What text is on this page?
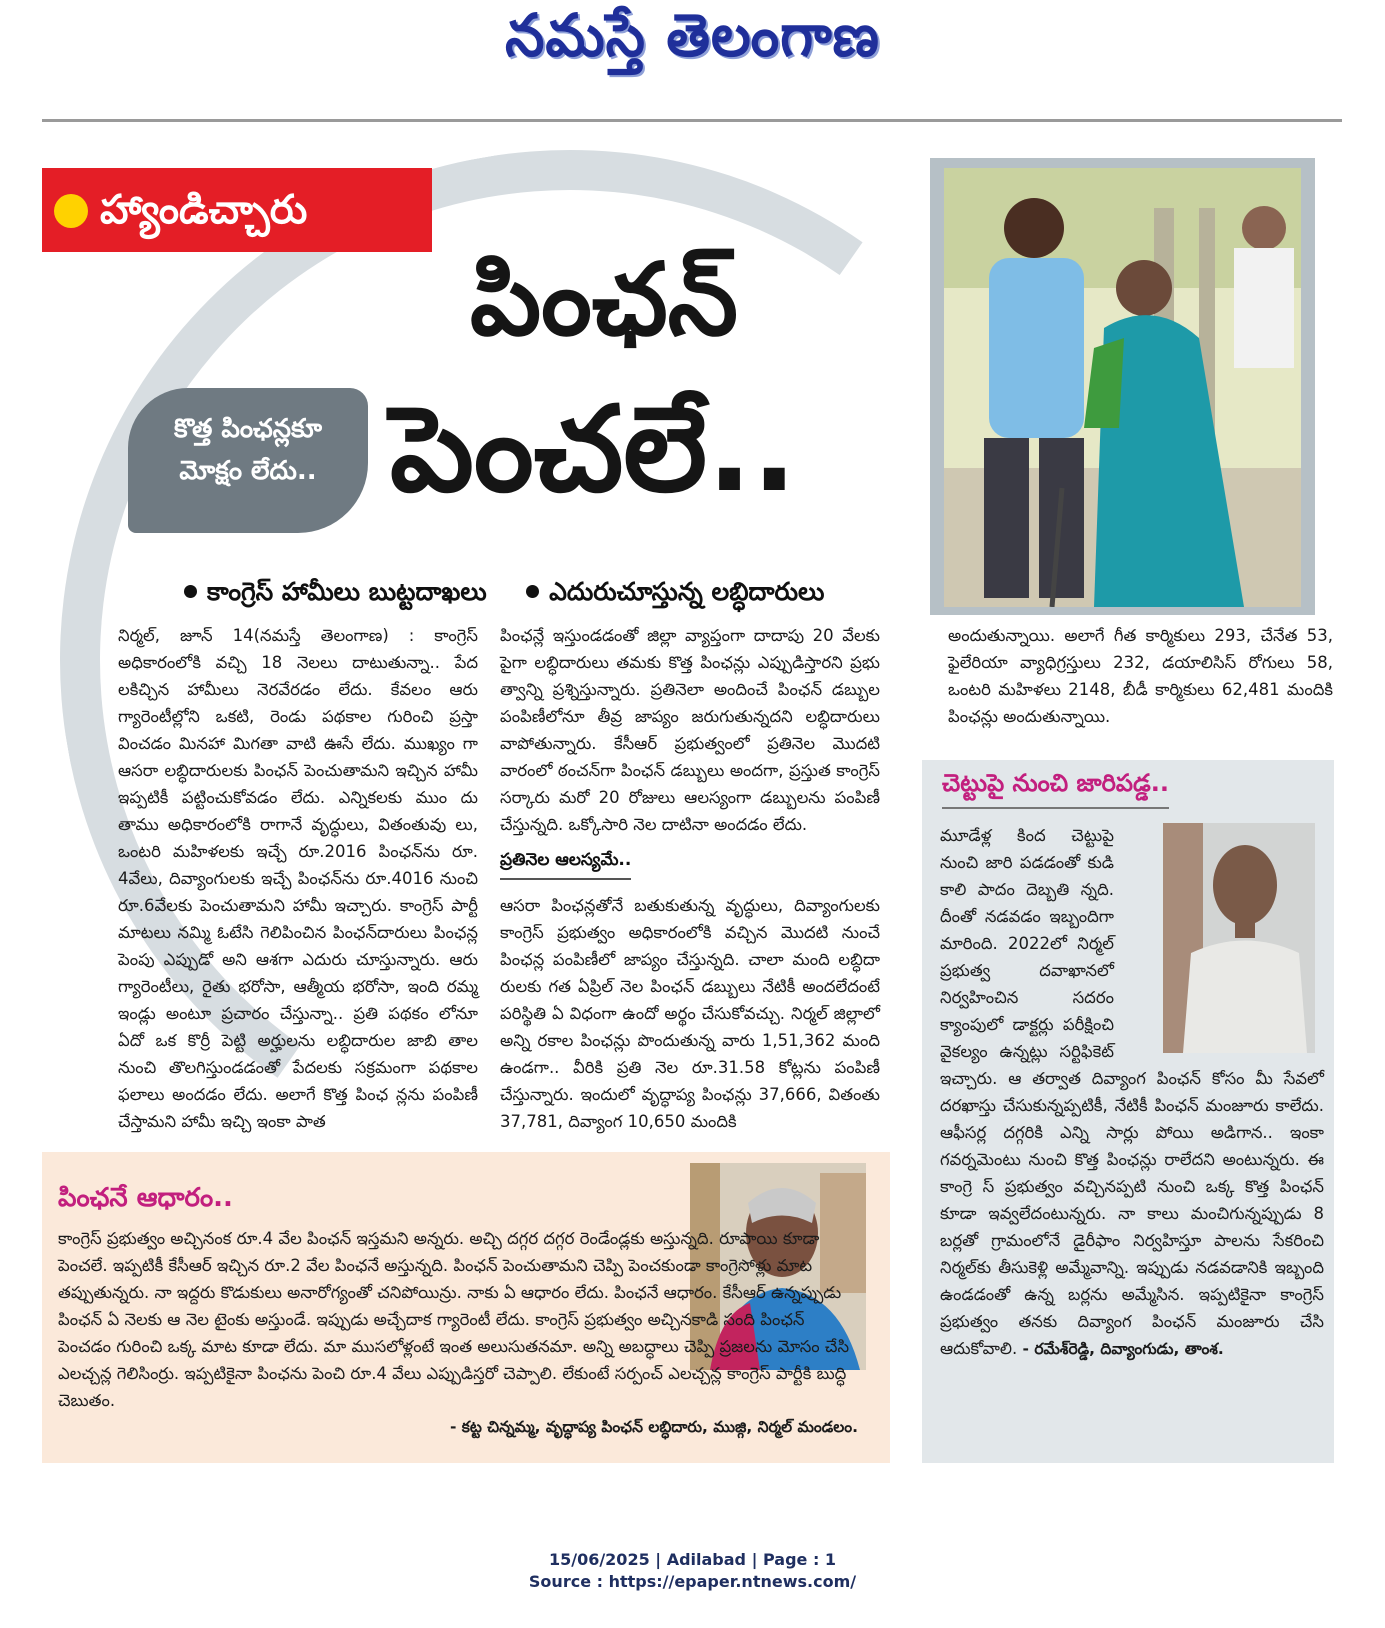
నమస్తే తెలంగాణ
హ్యాండిచ్చారు
పింఛన్
పెంచలే..
కొత్త పింఛన్లకూ
మోక్షం లేదు..
కాంగ్రెస్ హామీలు బుట్టదాఖలు ఎదురుచూస్తున్న లబ్ధిదారులు

నిర్మల్, జూన్ 14(నమస్తే తెలంగాణ) : కాంగ్రెస్ అధికారంలోకి వచ్చి 18 నెలలు దాటుతున్నా.. పేద లకిచ్చిన హామీలు నెరవేరడం లేదు. కేవలం ఆరు గ్యారెంటీల్లోని ఒకటి, రెండు పథకాల గురించి ప్రస్తా వించడం మినహా మిగతా వాటి ఊసే లేదు. ముఖ్యం గా ఆసరా లబ్ధిదారులకు పింఛన్ పెంచుతామని ఇచ్చిన హామీ ఇప్పటికీ పట్టించుకోవడం లేదు. ఎన్నికలకు ముం దు తాము అధికారంలోకి రాగానే వృద్ధులు, వితంతువు లు, ఒంటరి మహిళలకు ఇచ్చే రూ.2016 పింఛన్‌ను రూ. 4వేలు, దివ్యాంగులకు ఇచ్చే పింఛన్‌ను రూ.4016 నుంచి రూ.6వేలకు పెంచుతామని హామీ ఇచ్చారు. కాంగ్రెస్ పార్టీ మాటలు నమ్మి ఓటేసి గెలిపించిన పింఛన్‌దారులు పింఛన్ల పెంపు ఎప్పుడో అని ఆశగా ఎదురు చూస్తున్నారు. ఆరు గ్యారెంటీలు, రైతు భరోసా, ఆత్మీయ భరోసా, ఇంది రమ్మ ఇండ్లు అంటూ ప్రచారం చేస్తున్నా.. ప్రతి పథకం లోనూ ఏదో ఒక కొర్రీ పెట్టి అర్హులను లబ్ధిదారుల జాబి తాల నుంచి తొలగిస్తుండడంతో పేదలకు సక్రమంగా పథకాల ఫలాలు అందడం లేదు. అలాగే కొత్త పింఛ న్లను పంపిణీ చేస్తామని హామీ ఇచ్చి ఇంకా పాత

పింఛన్లే ఇస్తుండడంతో జిల్లా వ్యాప్తంగా దాదాపు 20 వేలకు పైగా లబ్ధిదారులు తమకు కొత్త పింఛన్లు ఎప్పుడిస్తారని ప్రభు త్వాన్ని ప్రశ్నిస్తున్నారు. ప్రతినెలా అందించే పింఛన్ డబ్బుల పంపిణీలోనూ తీవ్ర జాప్యం జరుగుతున్నదని లబ్ధిదారులు వాపోతున్నారు. కేసీఆర్ ప్రభుత్వంలో ప్రతినెల మొదటి వారంలో ఠంచన్‌గా పింఛన్ డబ్బులు అందగా, ప్రస్తుత కాంగ్రెస్ సర్కారు మరో 20 రోజులు ఆలస్యంగా డబ్బులను పంపిణీ చేస్తున్నది. ఒక్కోసారి నెల దాటినా అందడం లేదు.

ప్రతినెల ఆలస్యమే..

ఆసరా పింఛన్లతోనే బతుకుతున్న వృద్ధులు, దివ్యాంగులకు కాంగ్రెస్ ప్రభుత్వం అధికారంలోకి వచ్చిన మొదటి నుంచే పింఛన్ల పంపిణీలో జాప్యం చేస్తున్నది. చాలా మంది లబ్ధిదా రులకు గత ఏప్రిల్ నెల పింఛన్ డబ్బులు నేటికీ అందలేదంటే పరిస్థితి ఏ విధంగా ఉందో అర్థం చేసుకోవచ్చు. నిర్మల్ జిల్లాలో అన్ని రకాల పింఛన్లు పొందుతున్న వారు 1,51,362 మంది ఉండగా.. వీరికి ప్రతి నెల రూ.31.58 కోట్లను పంపిణీ చేస్తున్నారు. ఇందులో వృద్ధాప్య పింఛన్లు 37,666, వితంతు 37,781, దివ్యాంగ 10,650 మందికి

అందుతున్నాయి. అలాగే గీత కార్మికులు 293, చేనేత 53, ఫైలేరియా వ్యాధిగ్రస్తులు 232, డయాలిసిస్ రోగులు 58, ఒంటరి మహిళలు 2148, బీడీ కార్మికులు 62,481 మందికి పింఛన్లు అందుతున్నాయి.

పింఛనే ఆధారం..

కాంగ్రెస్ ప్రభుత్వం అచ్చినంక రూ.4 వేల పింఛన్ ఇస్తమని అన్నరు. అచ్చి దగ్గర దగ్గర రెండేండ్లకు అస్తున్నది. రూపాయి కూడా పెంచలే. ఇప్పటికీ కేసీఆర్ ఇచ్చిన రూ.2 వేల పింఛనే అస్తున్నది. పింఛన్ పెంచుతామని చెప్పి పెంచకుండా కాంగ్రెసోళ్లు మాట తప్పుతున్నరు. నా ఇద్దరు కొడుకులు అనారోగ్యంతో చనిపోయిన్రు. నాకు ఏ ఆధారం లేదు. పింఛనే ఆధారం. కేసీఆర్ ఉన్నప్పుడు పింఛన్ ఏ నెలకు ఆ నెల టైంకు అస్తుండే. ఇప్పుడు అచ్చేదాక గ్యారెంటీ లేదు. కాంగ్రెస్ ప్రభుత్వం అచ్చినకాడి సంది పింఛన్ పెంచడం గురించి ఒక్క మాట కూడా లేదు. మా ముసలోళ్లంటే ఇంత అలుసుతనమా. అన్ని అబద్ధాలు చెప్పి ప్రజలను మోసం చేసి ఎలచ్చన్ల గెలిసింర్రు. ఇప్పటికైనా పింఛను పెంచి రూ.4 వేలు ఎప్పుడిస్తరో చెప్పాలి. లేకుంటే సర్పంచ్ ఎలచ్చన్ల కాంగ్రెస్ పార్టీకి బుద్ధి చెబుతం.

- కట్ట చిన్నమ్మ, వృద్ధాప్య పింఛన్ లబ్ధిదారు, ముజ్గి, నిర్మల్ మండలం.
చెట్టుపై నుంచి జారిపడ్డ..

మూడేళ్ల కింద చెట్టుపై నుంచి జారి పడడంతో కుడి కాలి పాదం దెబ్బతి న్నది. దీంతో నడవడం ఇబ్బందిగా మారింది. 2022లో నిర్మల్ ప్రభుత్వ దవాఖానలో నిర్వహించిన సదరం క్యాంపులో డాక్టర్లు పరీక్షించి వైకల్యం ఉన్నట్లు సర్టిఫికెట్ ఇచ్చారు. ఆ తర్వాత దివ్యాంగ పింఛన్ కోసం మీ సేవలో దరఖాస్తు చేసుకున్నప్పటికీ, నేటికీ పింఛన్ మంజూరు కాలేదు. ఆఫీసర్ల దగ్గరికి ఎన్ని సార్లు పోయి అడిగాన.. ఇంకా గవర్నమెంటు నుంచి కొత్త పింఛన్లు రాలేదని అంటున్నరు. ఈ కాంగ్రె స్ ప్రభుత్వం వచ్చినప్పటి నుంచి ఒక్క కొత్త పింఛన్ కూడా ఇవ్వలేదంటున్నరు. నా కాలు మంచిగున్నప్పుడు 8 బర్లతో గ్రామంలోనే డైరీఫాం నిర్వహిస్తూ పాలను సేకరించి నిర్మల్‌కు తీసుకెళ్లి అమ్మేవాన్ని. ఇప్పుడు నడవడానికి ఇబ్బంది ఉండడంతో ఉన్న బర్లను అమ్మేసిన. ఇప్పటికైనా కాంగ్రెస్ ప్రభుత్వం తనకు దివ్యాంగ పింఛన్ మంజూరు చేసి ఆదుకోవాలి. - రమేశ్‌రెడ్డి, దివ్యాంగుడు, తాంశ.

15/06/2025 | Adilabad | Page : 1
Source : https://epaper.ntnews.com/
